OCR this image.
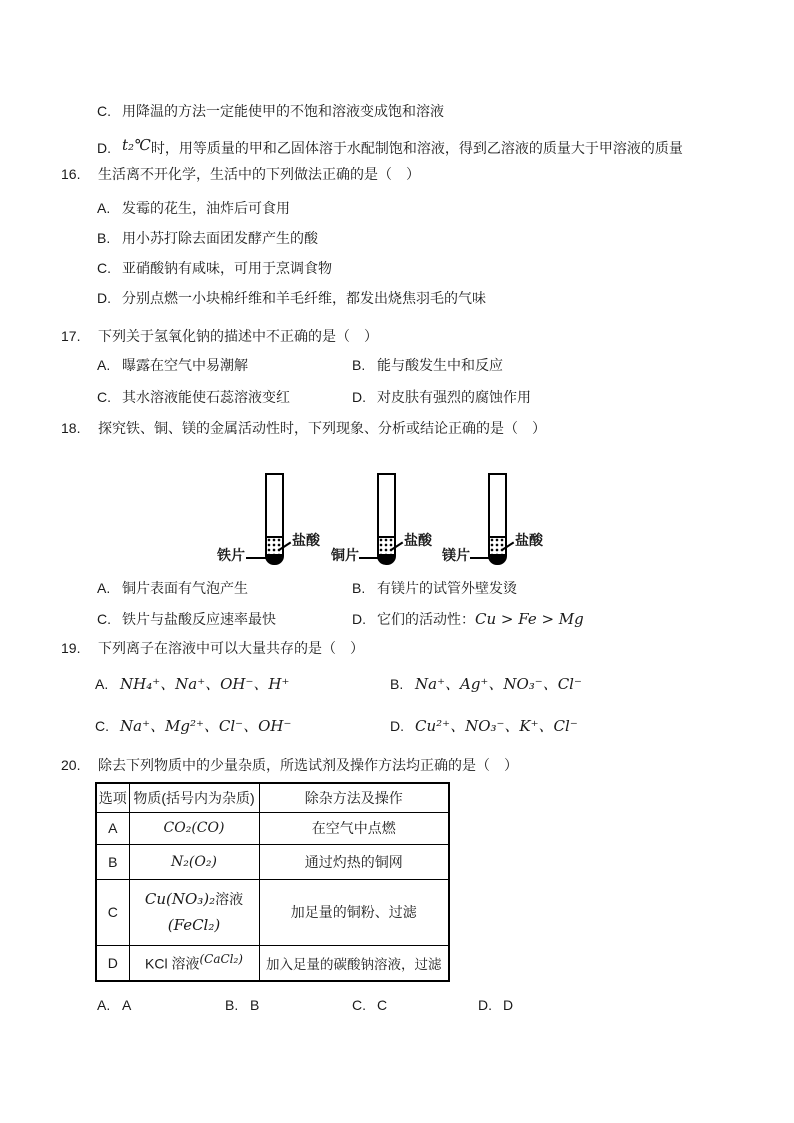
C. 用降温的方法一定能使甲的不饱和溶液变成饱和溶液
D. t₂℃时，用等质量的甲和乙固体溶于水配制饱和溶液，得到乙溶液的质量大于甲溶液的质量
16. 生活离不开化学，生活中的下列做法正确的是（　）
A. 发霉的花生，油炸后可食用
B. 用小苏打除去面团发酵产生的酸
C. 亚硝酸钠有咸味，可用于烹调食物
D. 分别点燃一小块棉纤维和羊毛纤维，都发出烧焦羽毛的气味
17. 下列关于氢氧化钠的描述中不正确的是（　）
A. 曝露在空气中易潮解	B. 能与酸发生中和反应
C. 其水溶液能使石蕊溶液变红	D. 对皮肤有强烈的腐蚀作用
18. 探究铁、铜、镁的金属活动性时，下列现象、分析或结论正确的是（　）
铁片
盐酸
铜片
盐酸
镁片
盐酸
A. 铜片表面有气泡产生	B. 有镁片的试管外壁发烫
C. 铁片与盐酸反应速率最快	D. 它们的活动性：Cu > Fe > Mg
19. 下列离子在溶液中可以大量共存的是（　）
A. NH₄⁺、Na⁺、OH⁻、H⁺	B. Na⁺、Ag⁺、NO₃⁻、Cl⁻
C. Na⁺、Mg²⁺、Cl⁻、OH⁻	D. Cu²⁺、NO₃⁻、K⁺、Cl⁻
20. 除去下列物质中的少量杂质，所选试剂及操作方法均正确的是（　）
选项	物质(括号内为杂质)	除杂方法及操作
A	CO₂(CO)	在空气中点燃
B	N₂(O₂)	通过灼热的铜网
C	Cu(NO₃)₂溶液
(FeCl₂)	加足量的铜粉、过滤
D	KCl 溶液(CaCl₂)	加入足量的碳酸钠溶液，过滤
A. A	B. B	C. C	D. D
